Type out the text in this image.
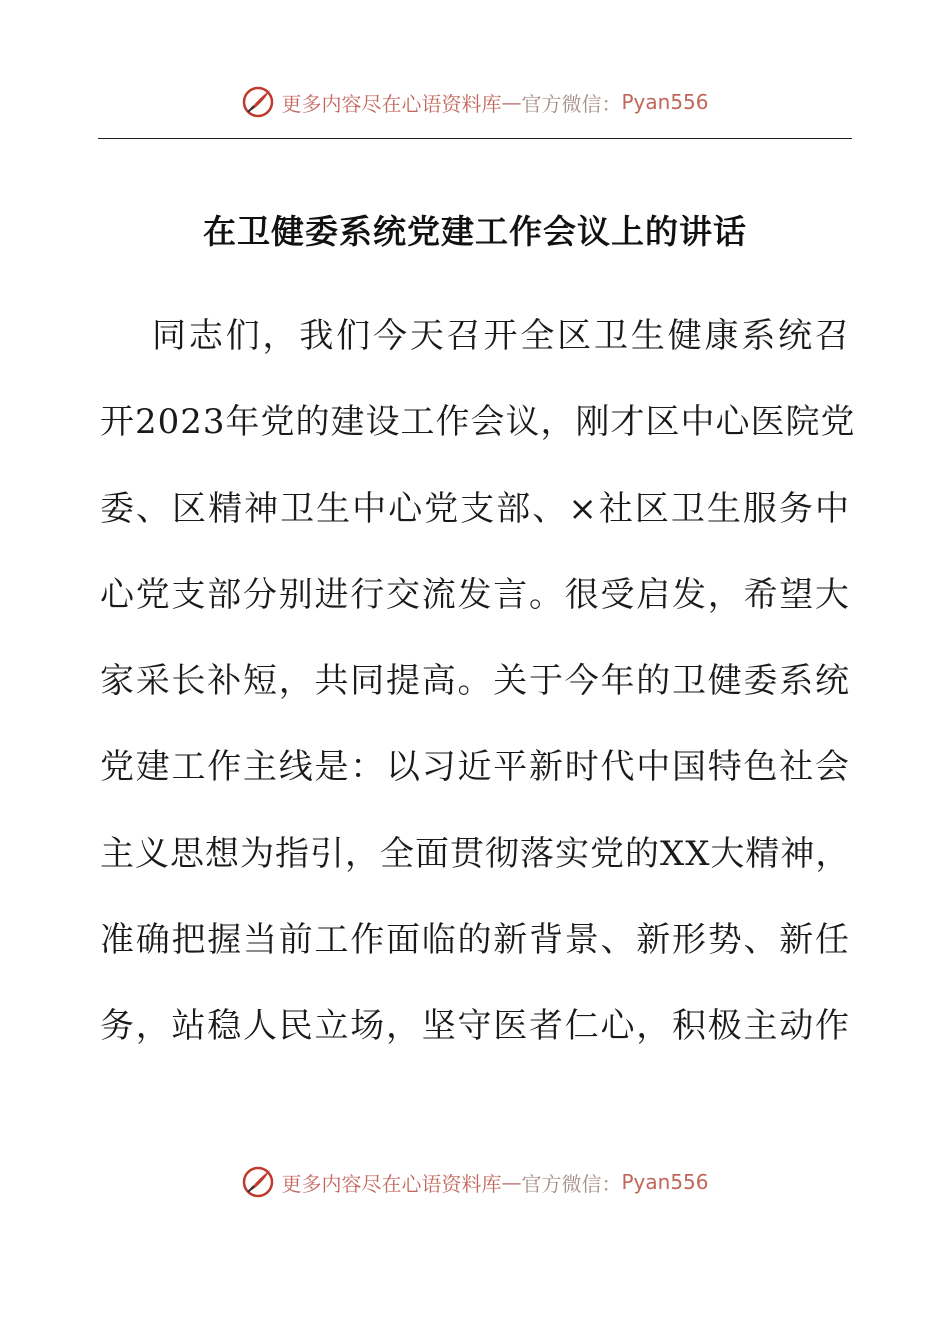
更多内容尽在心语资料库 — 官方微信： Pyan556
在卫健委系统党建工作会议上的讲话
同志们，我们今天召开全区卫生健康系统召
开2023年党的建设工作会议，刚才区中心医院党
委、区精神卫生中心党支部、×社区卫生服务中
心党支部分别进行交流发言。很受启发，希望大
家采长补短，共同提高。关于今年的卫健委系统
党建工作主线是：以习近平新时代中国特色社会
主义思想为指引，全面贯彻落实党的XX大精神，
准确把握当前工作面临的新背景、新形势、新任
务，站稳人民立场，坚守医者仁心，积极主动作
更多内容尽在心语资料库 — 官方微信： Pyan556
